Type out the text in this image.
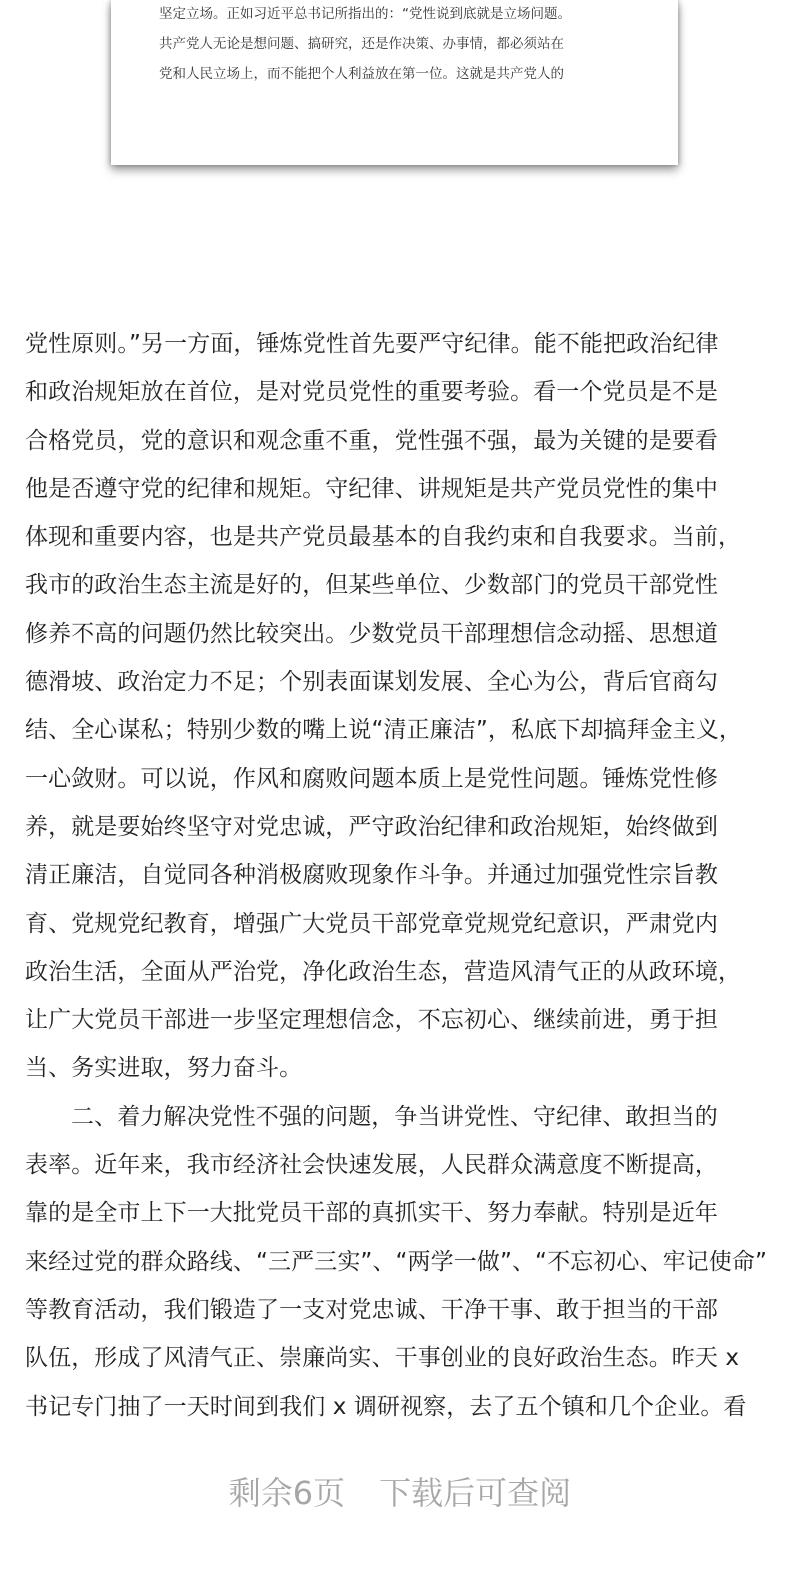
坚定立场。正如习近平总书记所指出的：“党性说到底就是立场问题。
共产党人无论是想问题、搞研究，还是作决策、办事情，都必须站在
党和人民立场上，而不能把个人利益放在第一位。这就是共产党人的
党性原则。”另一方面，锤炼党性首先要严守纪律。能不能把政治纪律
和政治规矩放在首位，是对党员党性的重要考验。看一个党员是不是
合格党员，党的意识和观念重不重，党性强不强，最为关键的是要看
他是否遵守党的纪律和规矩。守纪律、讲规矩是共产党员党性的集中
体现和重要内容，也是共产党员最基本的自我约束和自我要求。当前，
我市的政治生态主流是好的，但某些单位、少数部门的党员干部党性
修养不高的问题仍然比较突出。少数党员干部理想信念动摇、思想道
德滑坡、政治定力不足；个别表面谋划发展、全心为公，背后官商勾
结、全心谋私；特别少数的嘴上说“清正廉洁”，私底下却搞拜金主义，
一心敛财。可以说，作风和腐败问题本质上是党性问题。锤炼党性修
养，就是要始终坚守对党忠诚，严守政治纪律和政治规矩，始终做到
清正廉洁，自觉同各种消极腐败现象作斗争。并通过加强党性宗旨教
育、党规党纪教育，增强广大党员干部党章党规党纪意识，严肃党内
政治生活，全面从严治党，净化政治生态，营造风清气正的从政环境，
让广大党员干部进一步坚定理想信念，不忘初心、继续前进，勇于担
当、务实进取，努力奋斗。
二、着力解决党性不强的问题，争当讲党性、守纪律、敢担当的
表率。近年来，我市经济社会快速发展，人民群众满意度不断提高，
靠的是全市上下一大批党员干部的真抓实干、努力奉献。特别是近年
来经过党的群众路线、“三严三实”、“两学一做”、“不忘初心、牢记使命”
等教育活动，我们锻造了一支对党忠诚、干净干事、敢于担当的干部
队伍，形成了风清气正、崇廉尚实、干事创业的良好政治生态。昨天 x
书记专门抽了一天时间到我们 x 调研视察，去了五个镇和几个企业。看
剩余6页 下载后可查阅
